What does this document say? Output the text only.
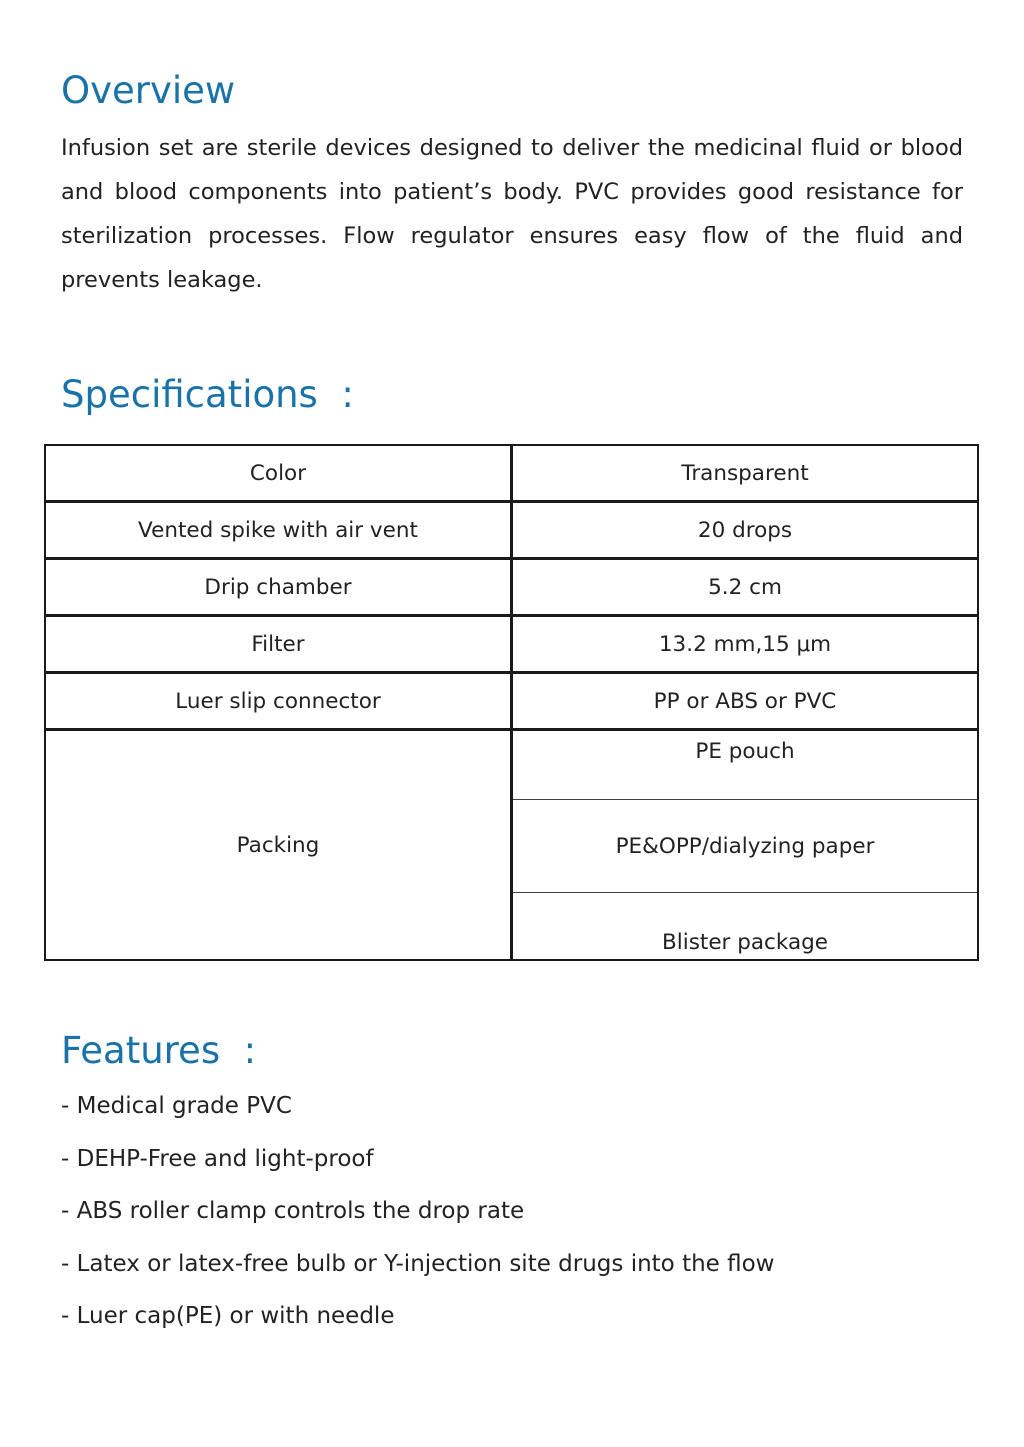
Overview

Infusion set are sterile devices designed to deliver the medicinal fluid or blood and blood components into patient’s body. PVC provides good resistance for sterilization processes. Flow regulator ensures easy flow of the fluid and prevents leakage.

Specifications  :
Color	Transparent
Vented spike with air vent	20 drops
Drip chamber	5.2 cm
Filter	13.2 mm,15 μm
Luer slip connector	PP or ABS or PVC
Packing	PE pouch
	PE&OPP/dialyzing paper
	Blister package
Features  :
- Medical grade PVC
- DEHP-Free and light-proof
- ABS roller clamp controls the drop rate
- Latex or latex-free bulb or Y-injection site drugs into the flow
- Luer cap(PE) or with needle
